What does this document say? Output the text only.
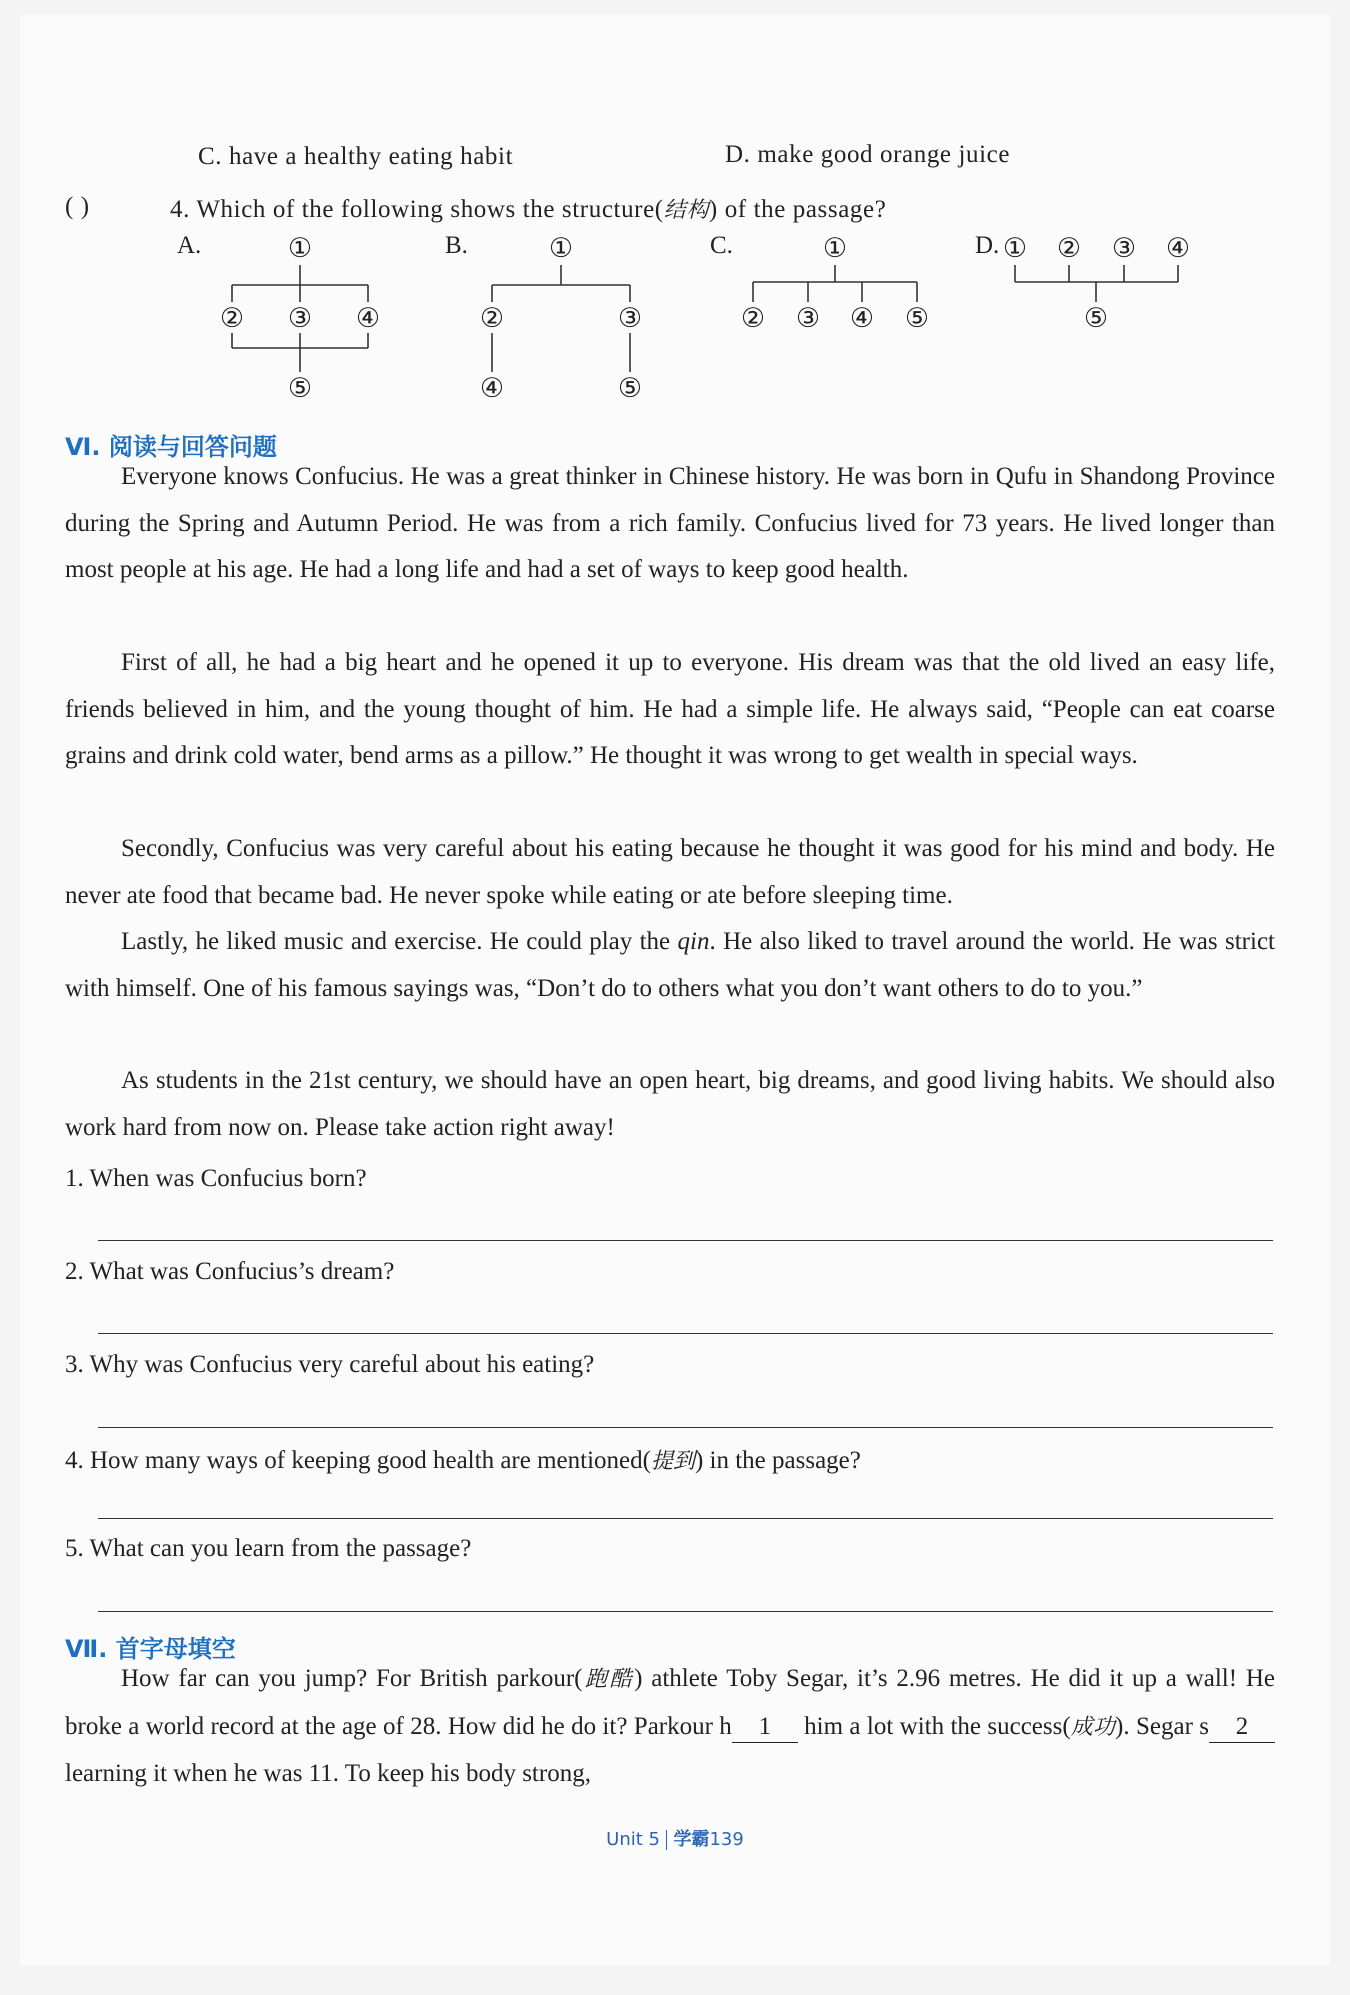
C. have a healthy eating habit	D. make good orange juice
( )	4. Which of the following shows the structure(结构) of the passage?
A.	B.	C.	D.
①
② ③ ④
⑤
①
②	③
④	⑤
①
② ③ ④ ⑤
① ② ③ ④
⑤
Ⅵ. 阅读与回答问题

Everyone knows Confucius. He was a great thinker in Chinese history. He was born in Qufu in Shandong Province during the Spring and Autumn Period. He was from a rich family. Confucius lived for 73 years. He lived longer than most people at his age. He had a long life and had a set of ways to keep good health.

First of all, he had a big heart and he opened it up to everyone. His dream was that the old lived an easy life, friends believed in him, and the young thought of him. He had a simple life. He always said, “People can eat coarse grains and drink cold water, bend arms as a pillow.” He thought it was wrong to get wealth in special ways.

Secondly, Confucius was very careful about his eating because he thought it was good for his mind and body. He never ate food that became bad. He never spoke while eating or ate before sleeping time.

Lastly, he liked music and exercise. He could play the qin. He also liked to travel around the world. He was strict with himself. One of his famous sayings was, “Don’t do to others what you don’t want others to do to you.”

As students in the 21st century, we should have an open heart, big dreams, and good living habits. We should also work hard from now on. Please take action right away!

1. When was Confucius born?
2. What was Confucius’s dream?
3. Why was Confucius very careful about his eating?
4. How many ways of keeping good health are mentioned(提到) in the passage?
5. What can you learn from the passage?
Ⅶ. 首字母填空

How far can you jump? For British parkour(跑酷) athlete Toby Segar, it’s 2.96 metres. He did it up a wall! He broke a world record at the age of 28. How did he do it? Parkour h 1 him a lot with the success(成功). Segar s 2 learning it when he was 11. To keep his body strong,

Unit 5 学霸139
